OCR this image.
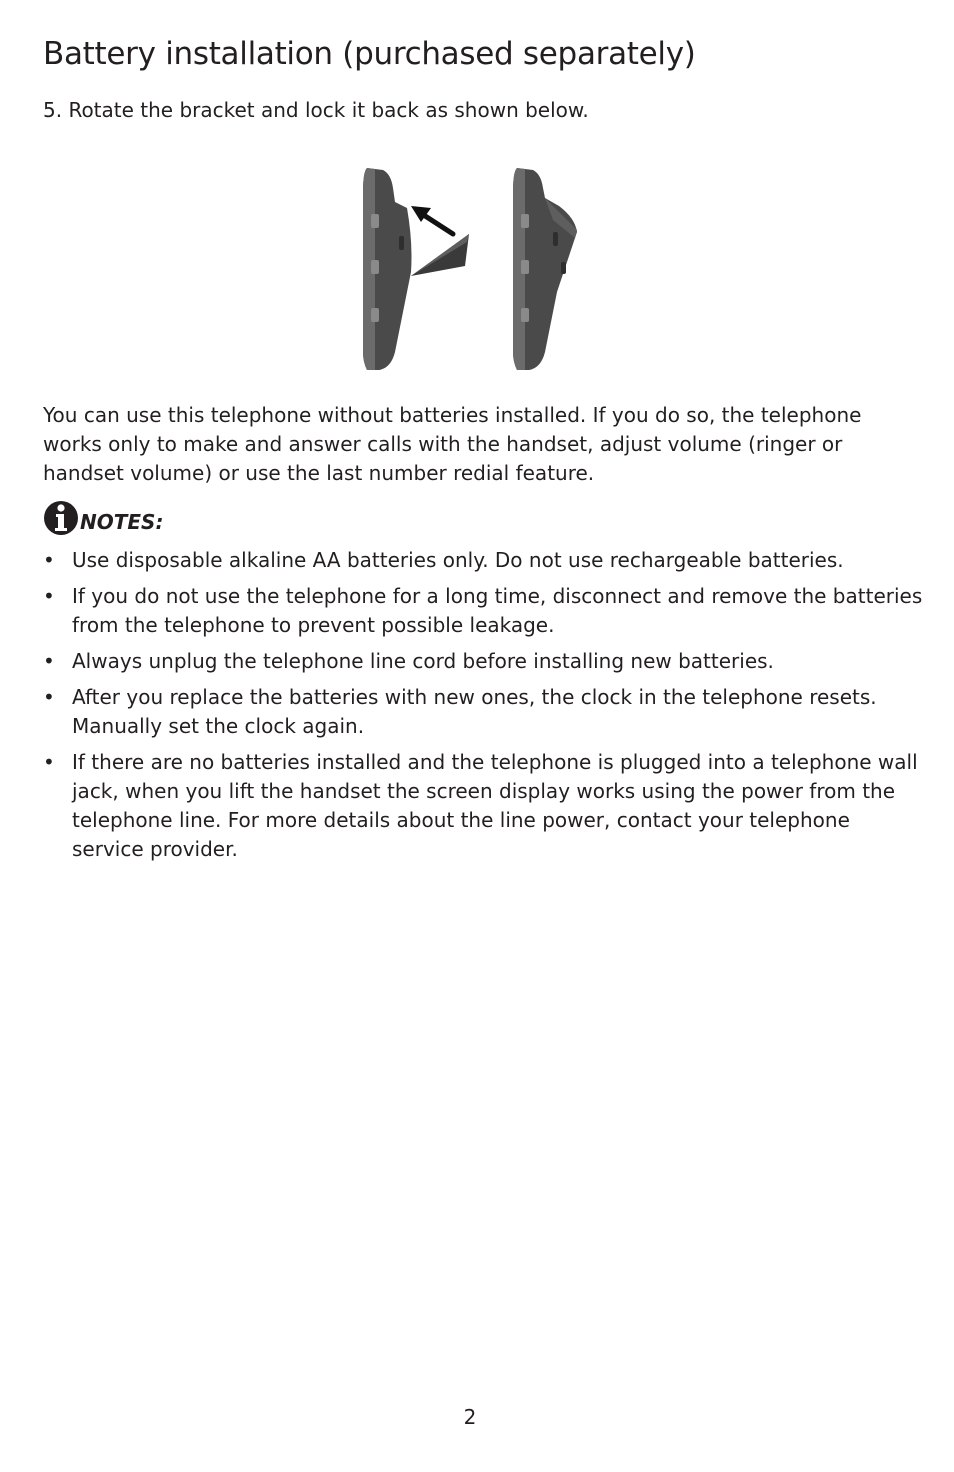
Battery installation (purchased separately)
5. Rotate the bracket and lock it back as shown below.

You can use this telephone without batteries installed. If you do so, the telephone works only to make and answer calls with the handset, adjust volume (ringer or handset volume) or use the last number redial feature.

NOTES:
• Use disposable alkaline AA batteries only. Do not use rechargeable batteries.
• If you do not use the telephone for a long time, disconnect and remove the batteries from the telephone to prevent possible leakage.
• Always unplug the telephone line cord before installing new batteries.
• After you replace the batteries with new ones, the clock in the telephone resets. Manually set the clock again.
• If there are no batteries installed and the telephone is plugged into a telephone wall jack, when you lift the handset the screen display works using the power from the telephone line. For more details about the line power, contact your telephone service provider.
2
